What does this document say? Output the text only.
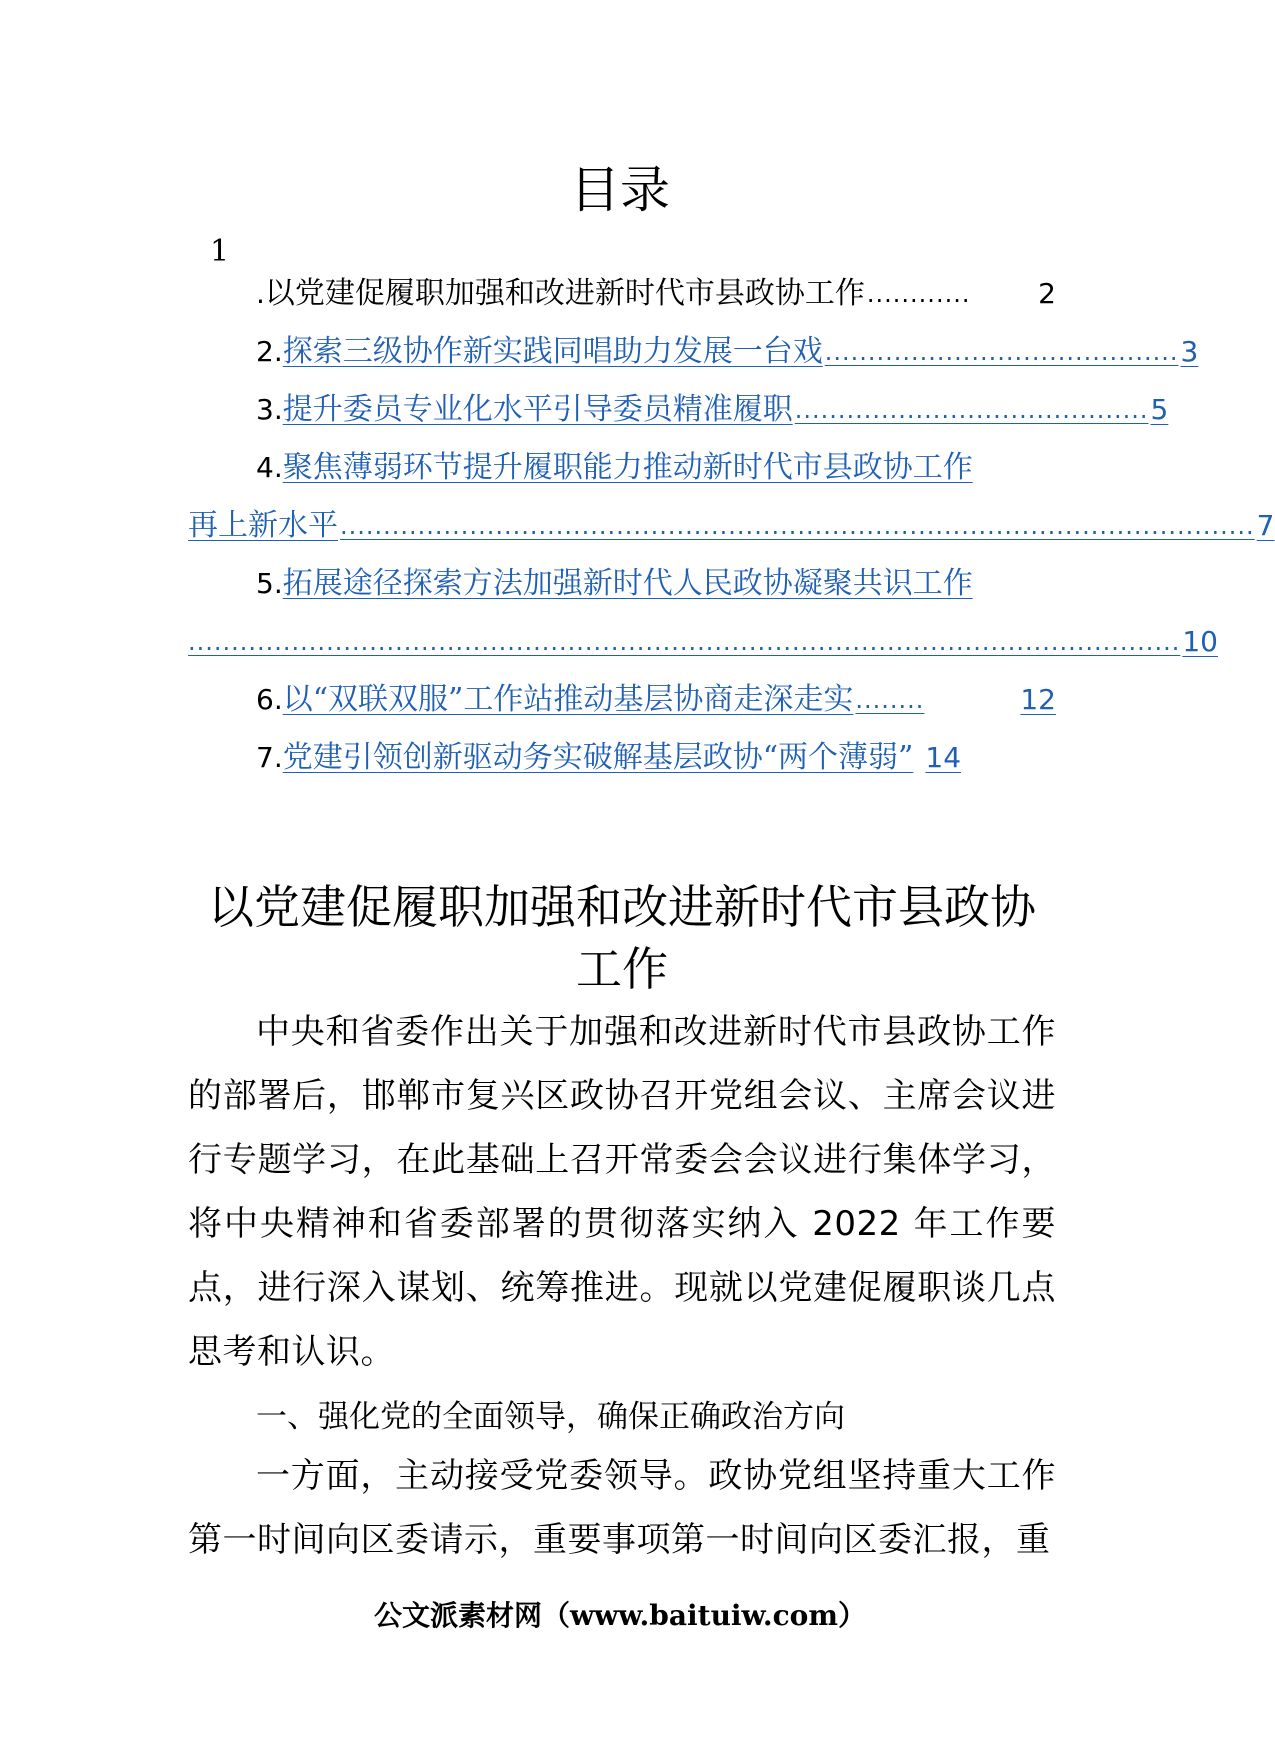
目录
1
. 以党建促履职加强和改进新时代市县政协工作 ............	2
2. 探索三级协作新实践同唱助力发展一台戏 ......................................... 3
3. 提升委员专业化水平引导委员精准履职 ......................................... 5
4. 聚焦薄弱环节提升履职能力推动新时代市县政协工作
再上新水平 .......................................................................................................... 7
5. 拓展途径探索方法加强新时代人民政协凝聚共识工作
................................................................................................................... 10
6. 以“双联双服”工作站推动基层协商走深走实 ........	12
7. 党建引领创新驱动务实破解基层政协“两个薄弱” 14
以党建促履职加强和改进新时代市县政协
工作
中央和省委作出关于加强和改进新时代市县政协工作的部署后，邯郸市复兴区政协召开党组会议、主席会议进行专题学习，在此基础上召开常委会会议进行集体学习，将中央精神和省委部署的贯彻落实纳入 2022 年工作要点，进行深入谋划、统筹推进。现就以党建促履职谈几点思考和认识。
一、强化党的全面领导，确保正确政治方向
一方面，主动接受党委领导。政协党组坚持重大工作第一时间向区委请示，重要事项第一时间向区委汇报，重
公文派素材网（www.baituiw.com）
